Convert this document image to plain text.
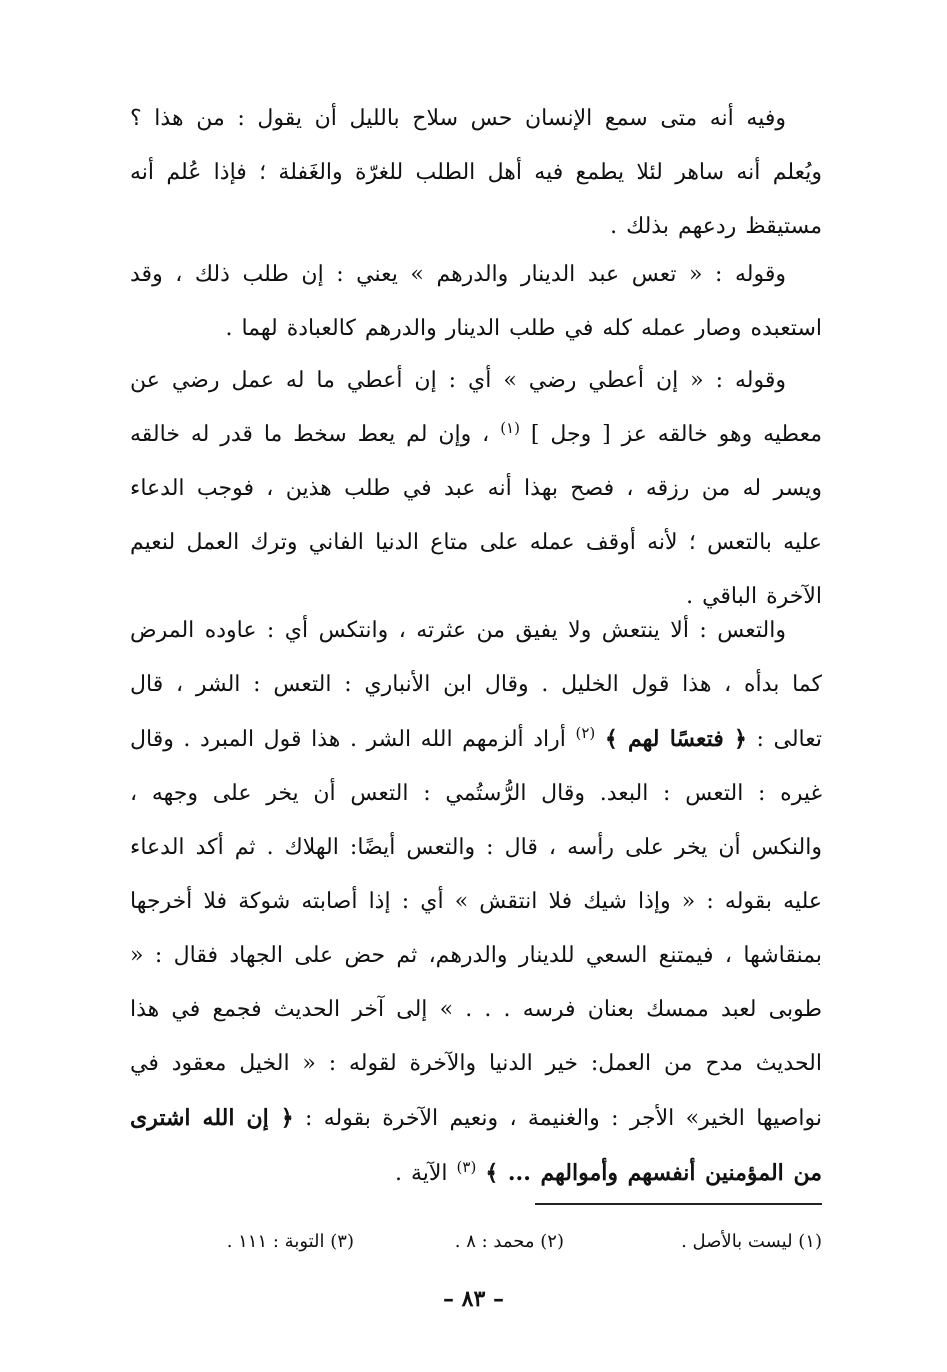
وفيه أنه متى سمع الإنسان حس سلاح بالليل أن يقول : من هذا ؟ ويُعلم أنه ساهر لئلا يطمع فيه أهل الطلب للغرّة والغَفلة ؛ فإذا عُلم أنه مستيقظ ردعهم بذلك .

وقوله : « تعس عبد الدينار والدرهم » يعني : إن طلب ذلك ، وقد استعبده وصار عمله كله في طلب الدينار والدرهم كالعبادة لهما .

وقوله : « إن أعطي رضي » أي : إن أعطي ما له عمل رضي عن معطيه وهو خالقه عز [ وجل ] $^{(١)}$ ، وإن لم يعط سخط ما قدر له خالقه ويسر له من رزقه ، فصح بهذا أنه عبد في طلب هذين ، فوجب الدعاء عليه بالتعس ؛ لأنه أوقف عمله على متاع الدنيا الفاني وترك العمل لنعيم الآخرة الباقي .

والتعس : ألا ينتعش ولا يفيق من عثرته ، وانتكس أي : عاوده المرض كما بدأه ، هذا قول الخليل . وقال ابن الأنباري : التعس : الشر ، قال تعالى : ﴿ فتعسًا لهم ﴾ $^{(٢)}$ أراد ألزمهم الله الشر . هذا قول المبرد . وقال غيره : التعس : البعد. وقال الرُّستُمي : التعس أن يخر على وجهه ، والنكس أن يخر على رأسه ، قال : والتعس أيضًا: الهلاك . ثم أكد الدعاء عليه بقوله : « وإذا شيك فلا انتقش » أي : إذا أصابته شوكة فلا أخرجها بمنقاشها ، فيمتنع السعي للدينار والدرهم، ثم حض على الجهاد فقال : « طوبى لعبد ممسك بعنان فرسه . . . » إلى آخر الحديث فجمع في هذا الحديث مدح من العمل: خير الدنيا والآخرة لقوله : « الخيل معقود في نواصيها الخير» الأجر : والغنيمة ، ونعيم الآخرة بقوله : ﴿ إن الله اشترى من المؤمنين أنفسهم وأموالهم ... ﴾ $^{(٣)}$ الآية .

(١) ليست بالأصل .
(٢) محمد : ٨ .
(٣) التوبة : ١١١ .
– ٨٣ –
